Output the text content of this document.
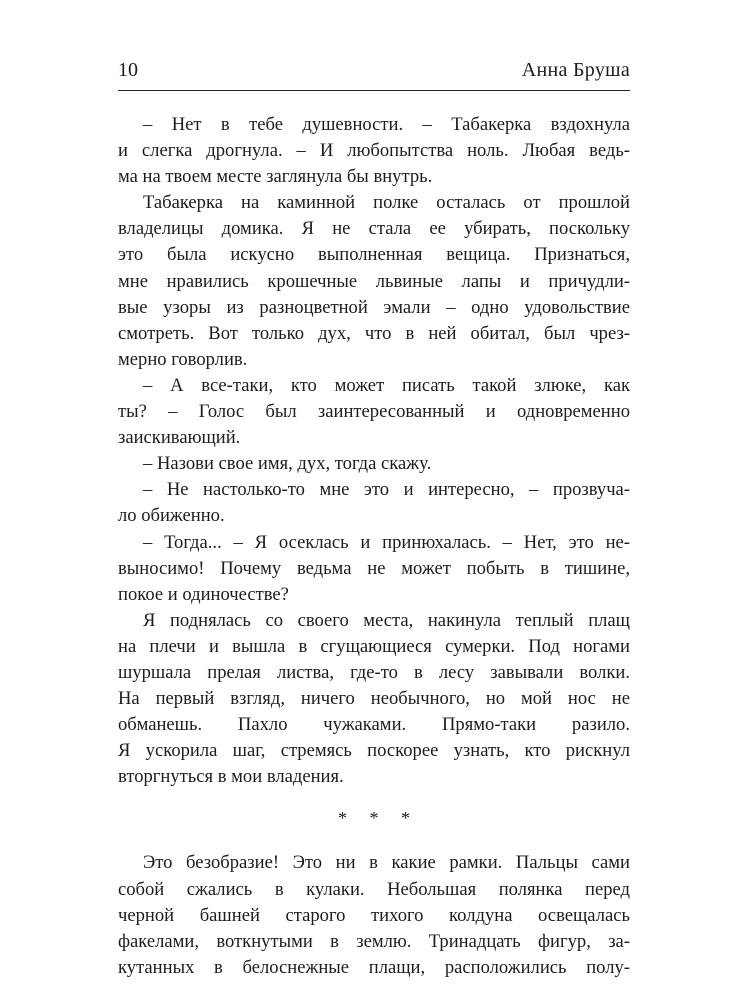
10	Анна Бруша
– Нет в тебе душевности. – Табакерка вздохнула
и слегка дрогнула. – И любопытства ноль. Любая ведь-
ма на твоем месте заглянула бы внутрь.
Табакерка на каминной полке осталась от прошлой
владелицы домика. Я не стала ее убирать, поскольку
это была искусно выполненная вещица. Признаться,
мне нравились крошечные львиные лапы и причудли-
вые узоры из разноцветной эмали – одно удовольствие
смотреть. Вот только дух, что в ней обитал, был чрез-
мерно говорлив.
– А все-таки, кто может писать такой злюке, как
ты? – Голос был заинтересованный и одновременно
заискивающий.
– Назови свое имя, дух, тогда скажу.
– Не настолько-то мне это и интересно, – прозвуча-
ло обиженно.
– Тогда... – Я осеклась и принюхалась. – Нет, это не-
выносимо! Почему ведьма не может побыть в тишине,
покое и одиночестве?
Я поднялась со своего места, накинула теплый плащ
на плечи и вышла в сгущающиеся сумерки. Под ногами
шуршала прелая листва, где-то в лесу завывали волки.
На первый взгляд, ничего необычного, но мой нос не
обманешь. Пахло чужаками. Прямо-таки разило.
Я ускорила шаг, стремясь поскорее узнать, кто рискнул
вторгнуться в мои владения.
* * *
Это безобразие! Это ни в какие рамки. Пальцы сами
собой сжались в кулаки. Небольшая полянка перед
черной башней старого тихого колдуна освещалась
факелами, воткнутыми в землю. Тринадцать фигур, за-
кутанных в белоснежные плащи, расположились полу-
